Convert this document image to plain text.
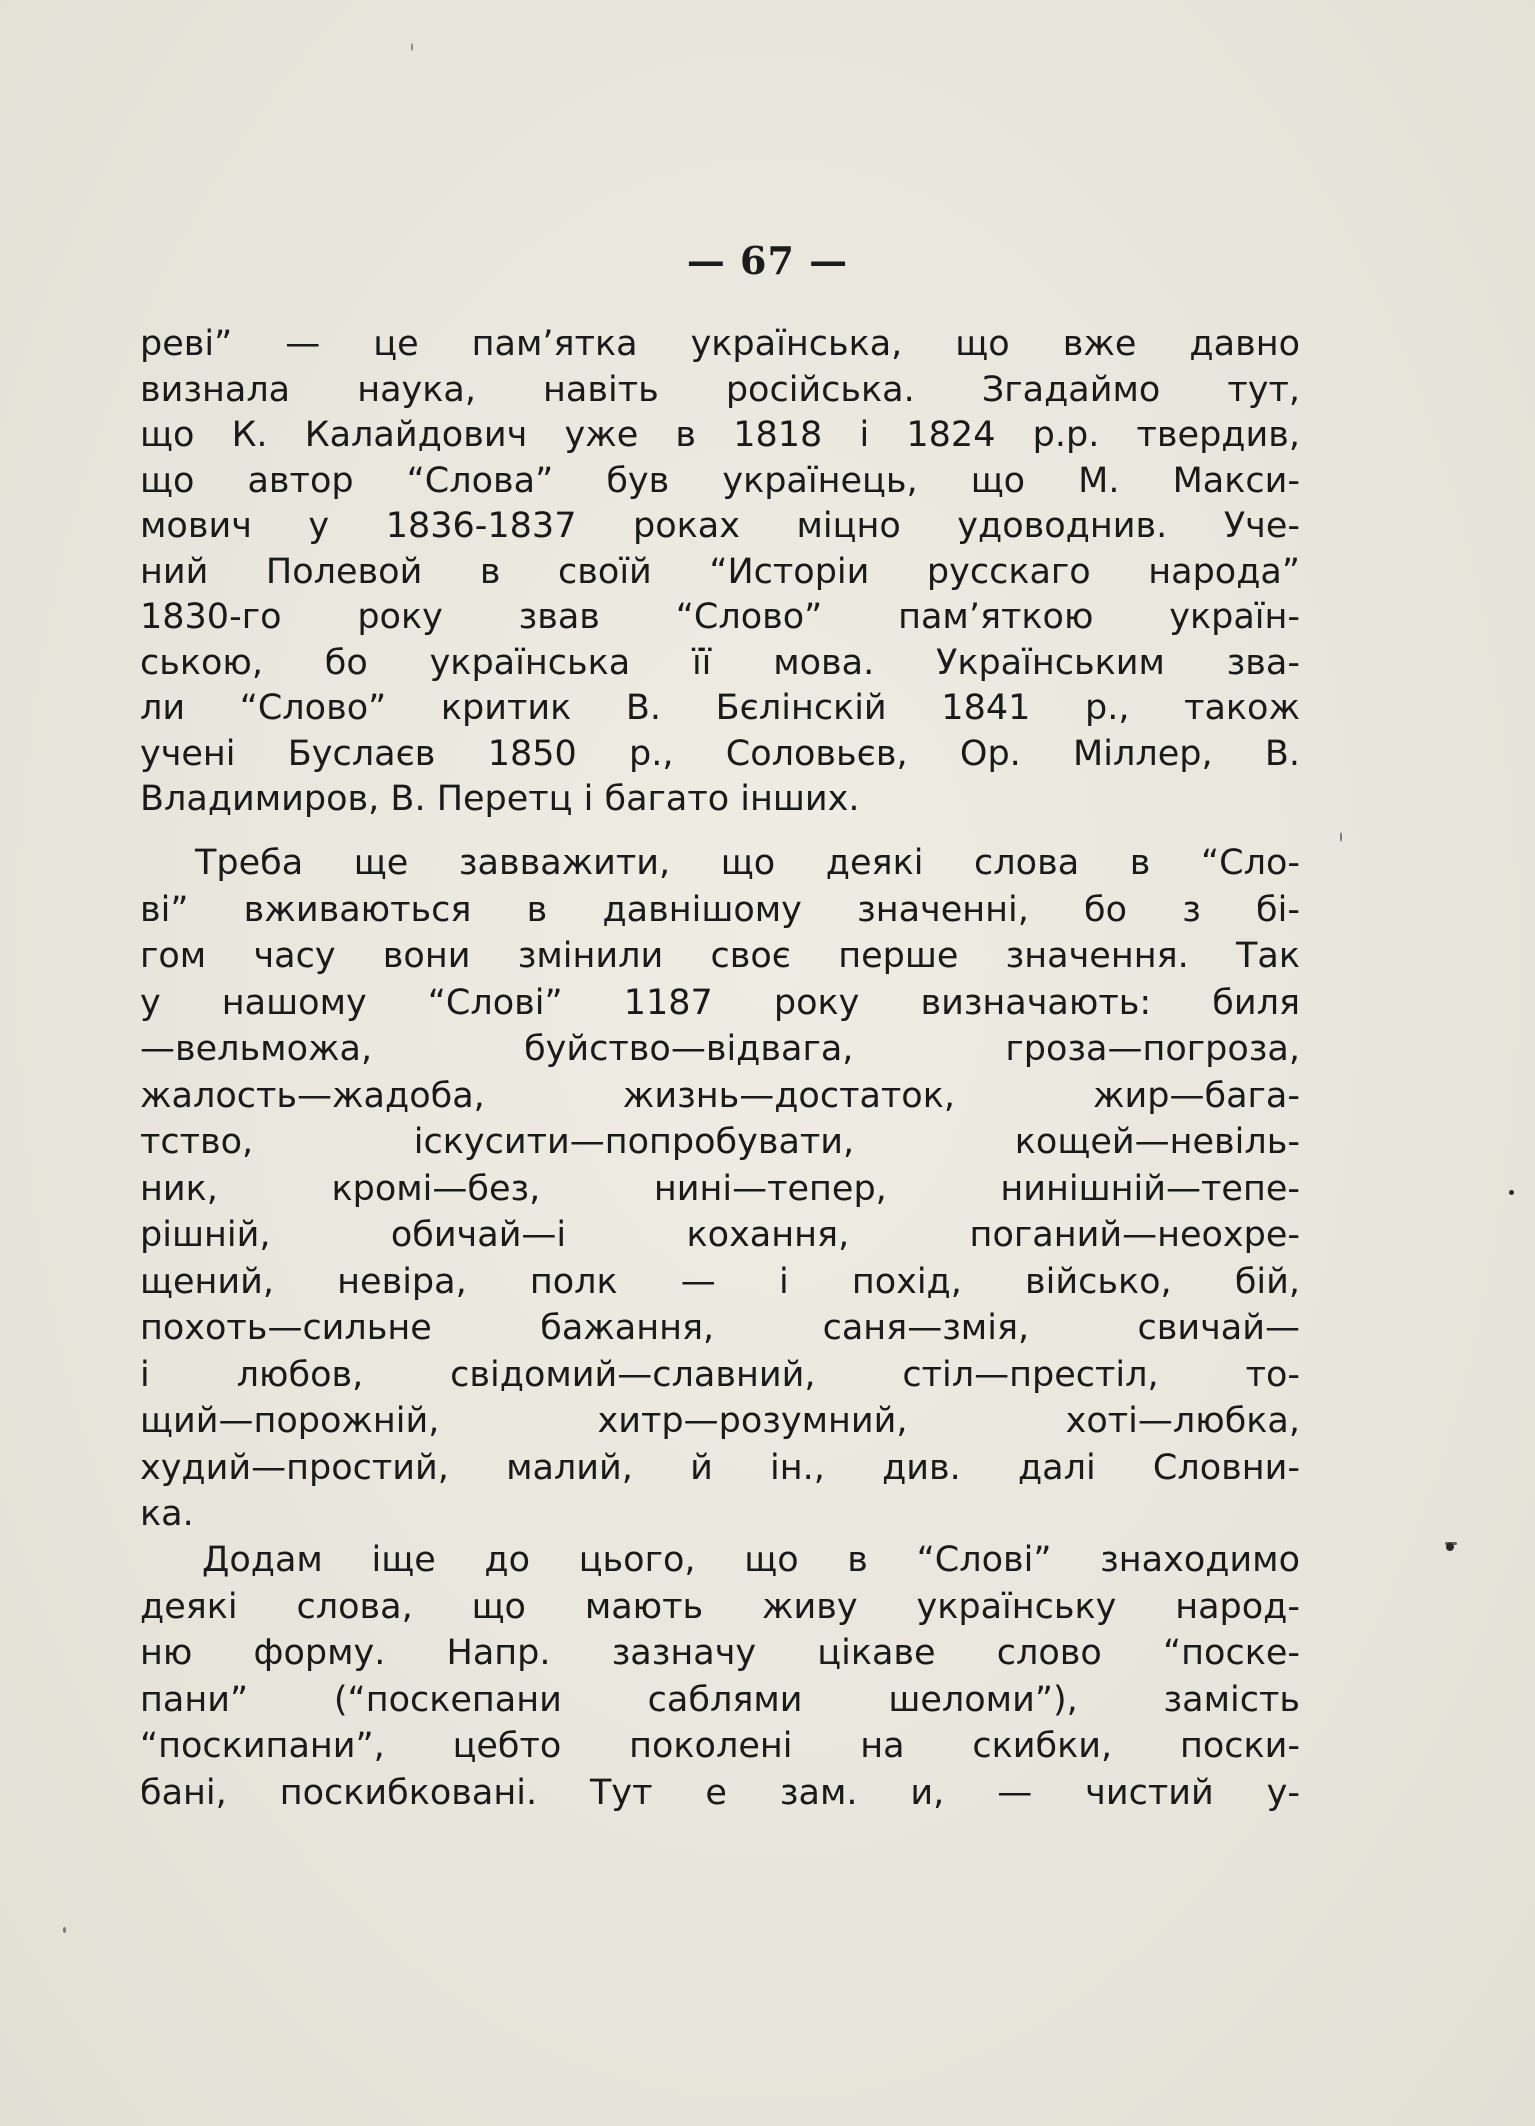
— 67 —
реві” — це пам’ятка українська, що вже давно
визнала наука, навіть російська. Згадаймо тут,
що К. Калайдович уже в 1818 і 1824 р.р. твердив,
що автор “Слова” був українець, що М. Макси-
мович у 1836-1837 роках міцно удоводнив. Уче-
ний Полевой в своїй “Исторіи русскаго народа”
1830-го року звав “Слово” пам’яткою україн-
ською, бо українська її мова. Українським зва-
ли “Слово” критик В. Бєлінскій 1841 р., також
учені Буслаєв 1850 р., Соловьєв, Ор. Міллер, В.
Владимиров, В. Перетц і багато інших.
Треба ще завважити, що деякі слова в “Сло-
ві” вживаються в давнішому значенні, бо з бі-
гом часу вони змінили своє перше значення. Так
у нашому “Слові” 1187 року визначають: биля
—вельможа, буйство—відвага, гроза—погроза,
жалость—жадоба, жизнь—достаток, жир—бага-
тство, іскусити—попробувати, кощей—невіль-
ник, кромі—без, нині—тепер, нинішній—тепе-
рішній, обичай—і кохання, поганий—неохре-
щений, невіра, полк — і похід, військо, бій,
похоть—сильне бажання, саня—змія, свичай—
і любов, свідомий—славний, стіл—престіл, то-
щий—порожній, хитр—розумний, хоті—любка,
худий—простий, малий, й ін., див. далі Словни-
ка.
Додам іще до цього, що в “Слові” знаходимо
деякі слова, що мають живу українську народ-
ню форму. Напр. зазначу цікаве слово “поске-
пани” (“поскепани саблями шеломи”), замість
“поскипани”, цебто поколені на скибки, поски-
бані, поскибковані. Тут е зам. и, — чистий у-
